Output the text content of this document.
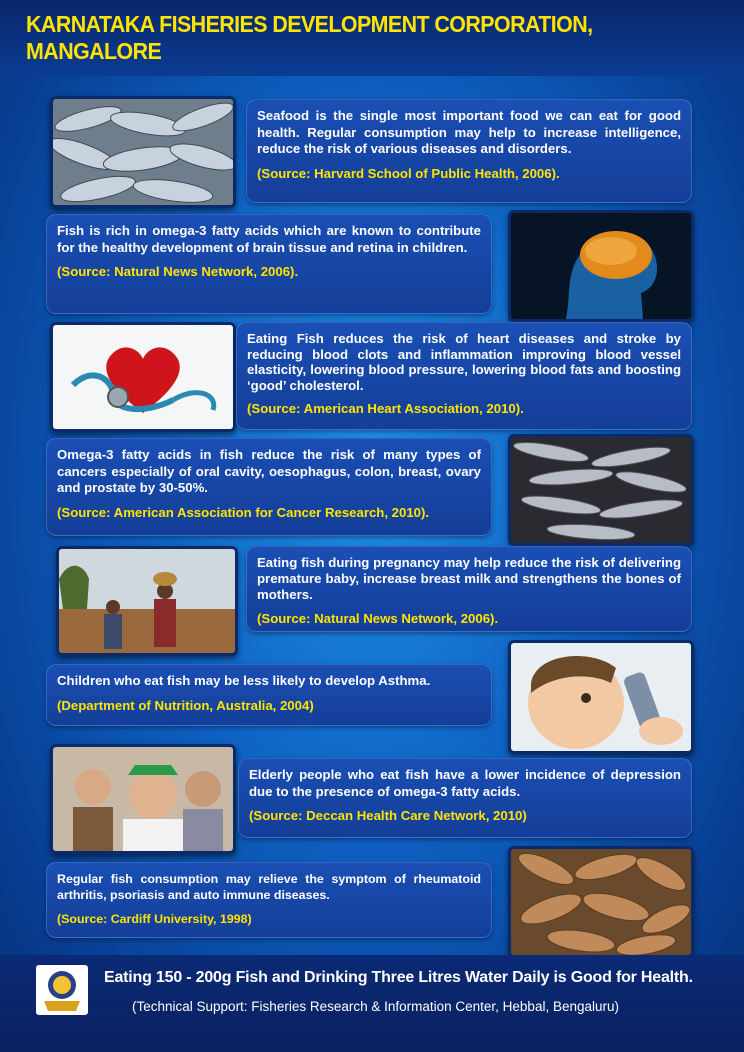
KARNATAKA FISHERIES DEVELOPMENT CORPORATION, MANGALORE
Seafood is the single most important food we can eat for good health. Regular consumption may help to increase intelligence, reduce the risk of various diseases and disorders.
(Source: Harvard School of Public Health, 2006).
Fish is rich in omega-3 fatty acids which are known to contribute for the healthy development of brain tissue and retina in children.
(Source: Natural News Network, 2006).
Eating Fish reduces the risk of heart diseases and stroke by reducing blood clots and inflammation improving blood vessel elasticity, lowering blood pressure, lowering blood fats and boosting ‘good’ cholesterol.
(Source: American Heart Association, 2010).
Omega-3 fatty acids in fish reduce the risk of many types of cancers especially of oral cavity, oesophagus, colon, breast, ovary and prostate by 30-50%.
(Source: American Association for Cancer Research, 2010).
Eating fish during pregnancy may help reduce the risk of delivering premature baby, increase breast milk and strengthens the bones of mothers.
(Source: Natural News Network, 2006).
Children who eat fish may be less likely to develop Asthma.
(Department of Nutrition, Australia, 2004)
Elderly people who eat fish have a lower incidence of depression due to the presence of omega-3 fatty acids.
(Source: Deccan Health Care Network, 2010)
Regular fish consumption may relieve the symptom of rheumatoid arthritis, psoriasis and auto immune diseases.
(Source: Cardiff University, 1998)
Eating 150 - 200g Fish and Drinking Three Litres Water Daily is Good for Health.
(Technical Support: Fisheries Research & Information Center, Hebbal, Bengaluru)
